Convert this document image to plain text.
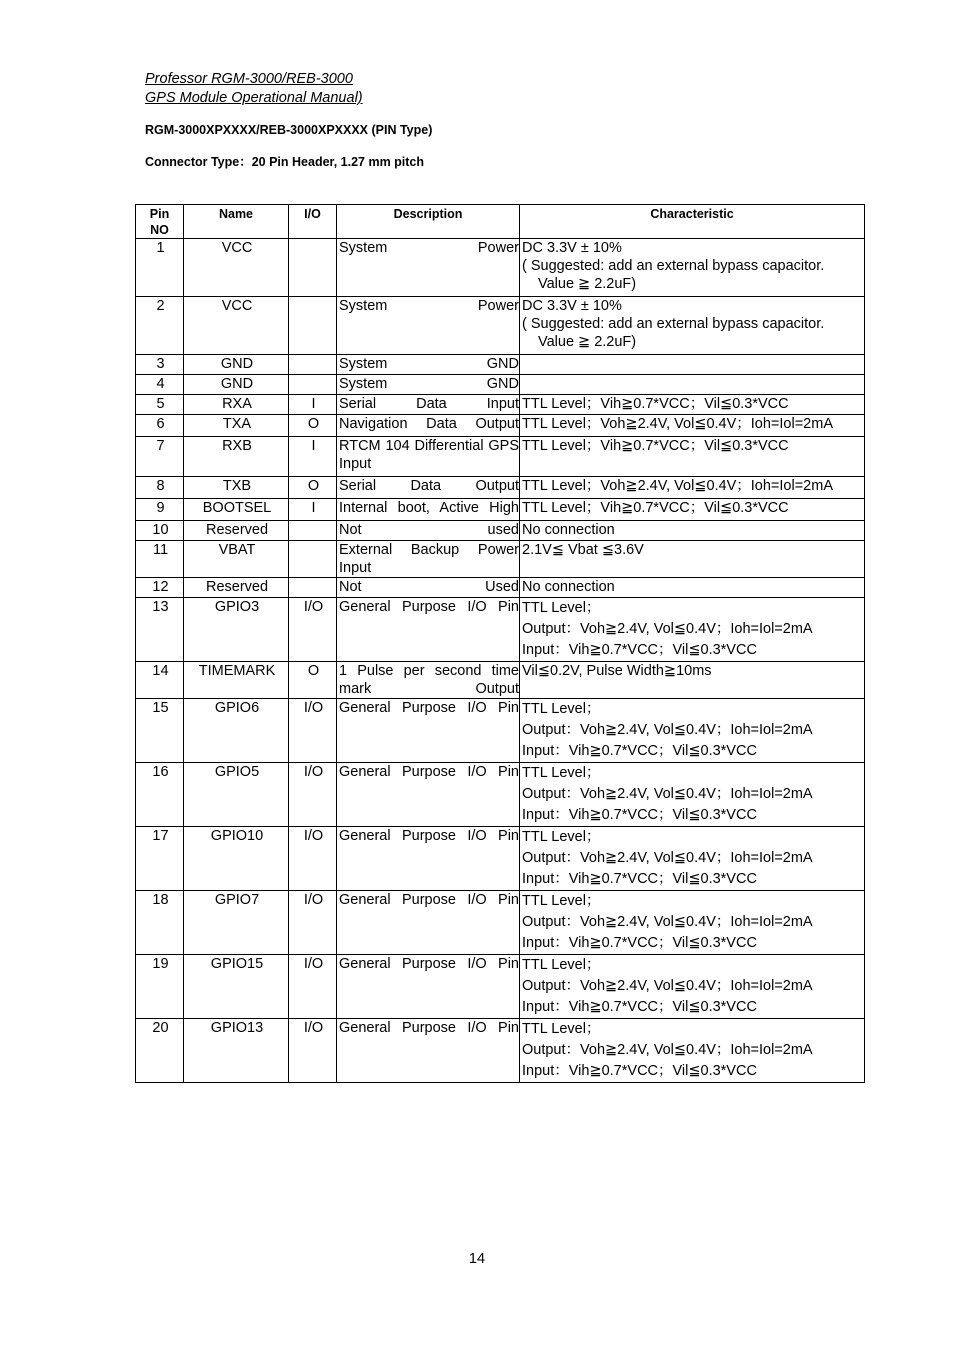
Professor RGM-3000/REB-3000
GPS Module Operational Manual)
RGM-3000XPXXXX/REB-3000XPXXXX (PIN Type)
Connector Type：20 Pin Header, 1.27 mm pitch
Pin
NO	Name	I/O	Description	Characteristic
1	VCC		System Power	DC 3.3V ± 10%
( Suggested: add an external bypass capacitor.
Value ≧ 2.2uF)

2	VCC		System Power	DC 3.3V ± 10%
( Suggested: add an external bypass capacitor.
Value ≧ 2.2uF)

3	GND		System GND	

4	GND		System GND	

5	RXA	I	Serial Data Input	TTL Level；Vih≧0.7*VCC；Vil≦0.3*VCC

6	TXA	O	Navigation Data Output	TTL Level；Voh≧2.4V, Vol≦0.4V；Ioh=Iol=2mA

7	RXB	I	RTCM 104 Differential GPS Input	TTL Level；Vih≧0.7*VCC；Vil≦0.3*VCC

8	TXB	O	Serial Data Output	TTL Level；Voh≧2.4V, Vol≦0.4V；Ioh=Iol=2mA

9	BOOTSEL	I	Internal boot, Active High	TTL Level；Vih≧0.7*VCC；Vil≦0.3*VCC

10	Reserved		Not used	No connection

11	VBAT		External Backup Power Input	2.1V≦ Vbat ≦3.6V

12	Reserved		Not Used	No connection

13	GPIO3	I/O	General Purpose I/O Pin	TTL Level；
Output：Voh≧2.4V, Vol≦0.4V；Ioh=Iol=2mA
Input：Vih≧0.7*VCC；Vil≦0.3*VCC

14	TIMEMARK	O	1 Pulse per second time mark Output	Vil≦0.2V, Pulse Width≧10ms

15	GPIO6	I/O	General Purpose I/O Pin	TTL Level；
Output：Voh≧2.4V, Vol≦0.4V；Ioh=Iol=2mA
Input：Vih≧0.7*VCC；Vil≦0.3*VCC

16	GPIO5	I/O	General Purpose I/O Pin	TTL Level；
Output：Voh≧2.4V, Vol≦0.4V；Ioh=Iol=2mA
Input：Vih≧0.7*VCC；Vil≦0.3*VCC

17	GPIO10	I/O	General Purpose I/O Pin	TTL Level；
Output：Voh≧2.4V, Vol≦0.4V；Ioh=Iol=2mA
Input：Vih≧0.7*VCC；Vil≦0.3*VCC

18	GPIO7	I/O	General Purpose I/O Pin	TTL Level；
Output：Voh≧2.4V, Vol≦0.4V；Ioh=Iol=2mA
Input：Vih≧0.7*VCC；Vil≦0.3*VCC

19	GPIO15	I/O	General Purpose I/O Pin	TTL Level；
Output：Voh≧2.4V, Vol≦0.4V；Ioh=Iol=2mA
Input：Vih≧0.7*VCC；Vil≦0.3*VCC

20	GPIO13	I/O	General Purpose I/O Pin	TTL Level；
Output：Voh≧2.4V, Vol≦0.4V；Ioh=Iol=2mA
Input：Vih≧0.7*VCC；Vil≦0.3*VCC
14
